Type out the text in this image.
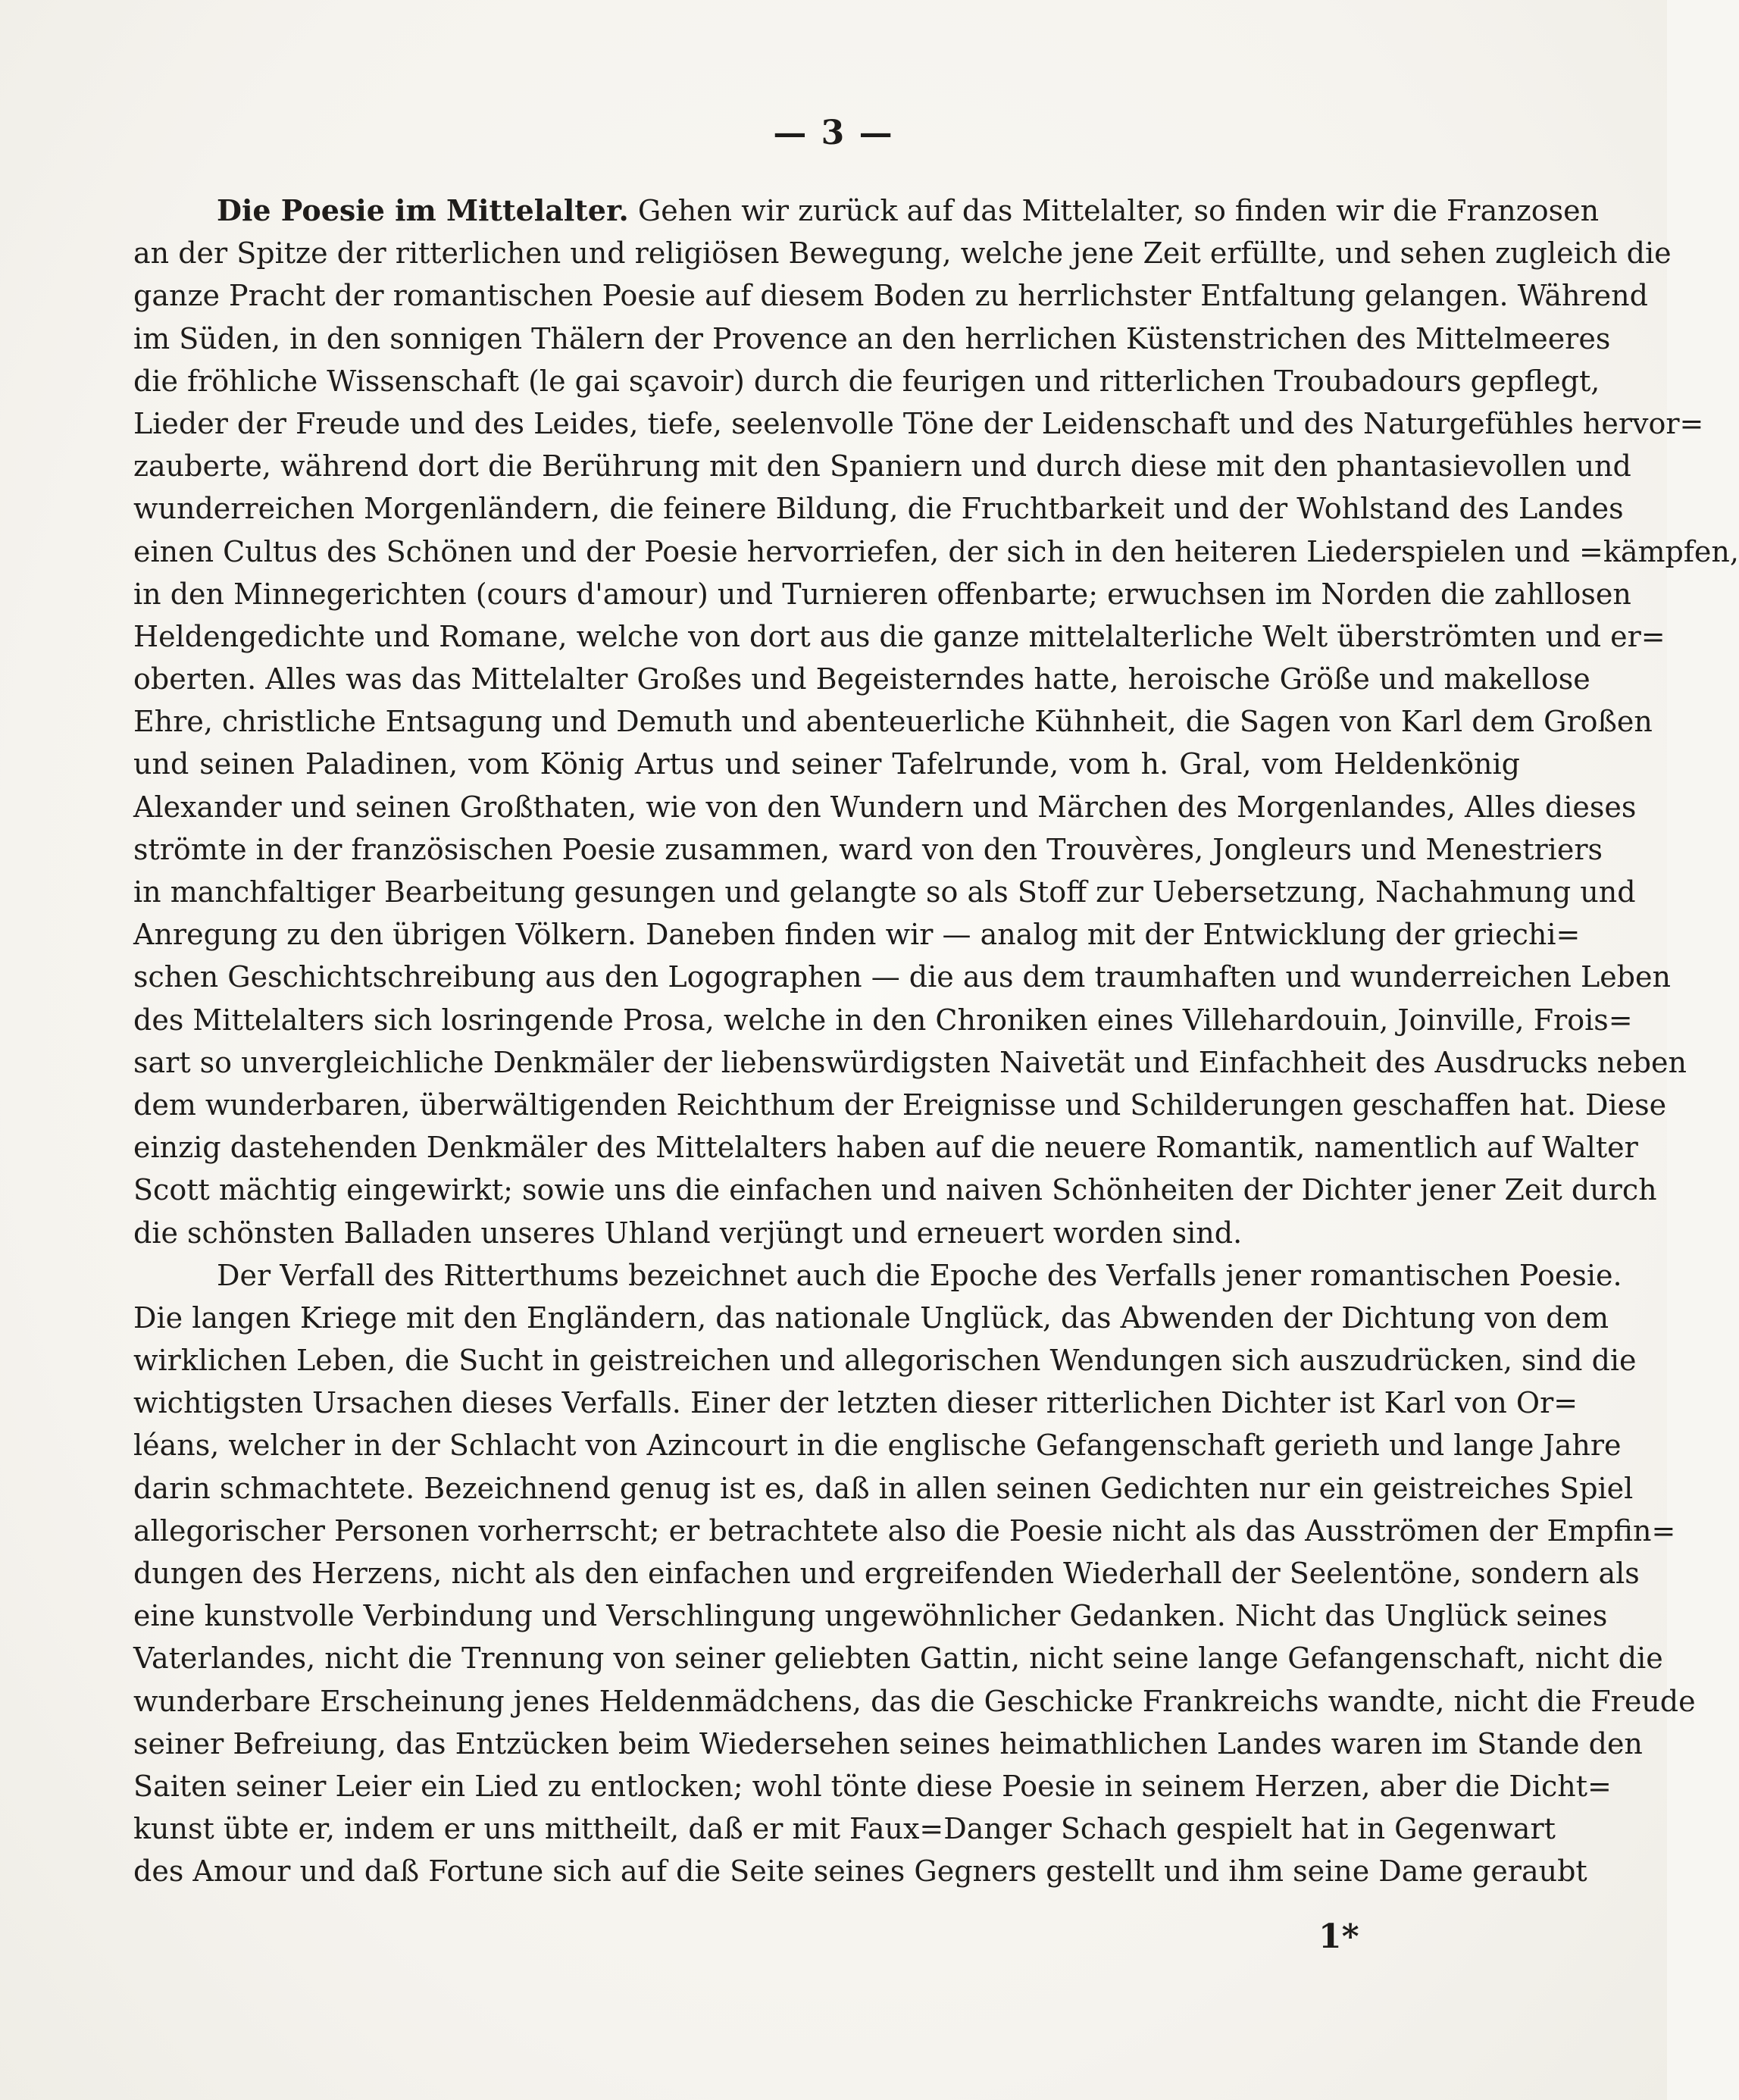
— 3 —
Die Poesie im Mittelalter. Gehen wir zurück auf das Mittelalter, so finden wir die Franzosen
an der Spitze der ritterlichen und religiösen Bewegung, welche jene Zeit erfüllte, und sehen zugleich die
ganze Pracht der romantischen Poesie auf diesem Boden zu herrlichster Entfaltung gelangen. Während
im Süden, in den sonnigen Thälern der Provence an den herrlichen Küstenstrichen des Mittelmeeres
die fröhliche Wissenschaft (le gai sçavoir) durch die feurigen und ritterlichen Troubadours gepflegt,
Lieder der Freude und des Leides, tiefe, seelenvolle Töne der Leidenschaft und des Naturgefühles hervor=
zauberte, während dort die Berührung mit den Spaniern und durch diese mit den phantasievollen und
wunderreichen Morgenländern, die feinere Bildung, die Fruchtbarkeit und der Wohlstand des Landes
einen Cultus des Schönen und der Poesie hervorriefen, der sich in den heiteren Liederspielen und =kämpfen,
in den Minnegerichten (cours d'amour) und Turnieren offenbarte; erwuchsen im Norden die zahllosen
Heldengedichte und Romane, welche von dort aus die ganze mittelalterliche Welt überströmten und er=
oberten. Alles was das Mittelalter Großes und Begeisterndes hatte, heroische Größe und makellose
Ehre, christliche Entsagung und Demuth und abenteuerliche Kühnheit, die Sagen von Karl dem Großen
und seinen Paladinen, vom König Artus und seiner Tafelrunde, vom h. Gral, vom Heldenkönig
Alexander und seinen Großthaten, wie von den Wundern und Märchen des Morgenlandes, Alles dieses
strömte in der französischen Poesie zusammen, ward von den Trouvères, Jongleurs und Menestriers
in manchfaltiger Bearbeitung gesungen und gelangte so als Stoff zur Uebersetzung, Nachahmung und
Anregung zu den übrigen Völkern. Daneben finden wir — analog mit der Entwicklung der griechi=
schen Geschichtschreibung aus den Logographen — die aus dem traumhaften und wunderreichen Leben
des Mittelalters sich losringende Prosa, welche in den Chroniken eines Villehardouin, Joinville, Frois=
sart so unvergleichliche Denkmäler der liebenswürdigsten Naivetät und Einfachheit des Ausdrucks neben
dem wunderbaren, überwältigenden Reichthum der Ereignisse und Schilderungen geschaffen hat. Diese
einzig dastehenden Denkmäler des Mittelalters haben auf die neuere Romantik, namentlich auf Walter
Scott mächtig eingewirkt; sowie uns die einfachen und naiven Schönheiten der Dichter jener Zeit durch
die schönsten Balladen unseres Uhland verjüngt und erneuert worden sind.
Der Verfall des Ritterthums bezeichnet auch die Epoche des Verfalls jener romantischen Poesie.
Die langen Kriege mit den Engländern, das nationale Unglück, das Abwenden der Dichtung von dem
wirklichen Leben, die Sucht in geistreichen und allegorischen Wendungen sich auszudrücken, sind die
wichtigsten Ursachen dieses Verfalls. Einer der letzten dieser ritterlichen Dichter ist Karl von Or=
léans, welcher in der Schlacht von Azincourt in die englische Gefangenschaft gerieth und lange Jahre
darin schmachtete. Bezeichnend genug ist es, daß in allen seinen Gedichten nur ein geistreiches Spiel
allegorischer Personen vorherrscht; er betrachtete also die Poesie nicht als das Ausströmen der Empfin=
dungen des Herzens, nicht als den einfachen und ergreifenden Wiederhall der Seelentöne, sondern als
eine kunstvolle Verbindung und Verschlingung ungewöhnlicher Gedanken. Nicht das Unglück seines
Vaterlandes, nicht die Trennung von seiner geliebten Gattin, nicht seine lange Gefangenschaft, nicht die
wunderbare Erscheinung jenes Heldenmädchens, das die Geschicke Frankreichs wandte, nicht die Freude
seiner Befreiung, das Entzücken beim Wiedersehen seines heimathlichen Landes waren im Stande den
Saiten seiner Leier ein Lied zu entlocken; wohl tönte diese Poesie in seinem Herzen, aber die Dicht=
kunst übte er, indem er uns mittheilt, daß er mit Faux=Danger Schach gespielt hat in Gegenwart
des Amour und daß Fortune sich auf die Seite seines Gegners gestellt und ihm seine Dame geraubt
1*
